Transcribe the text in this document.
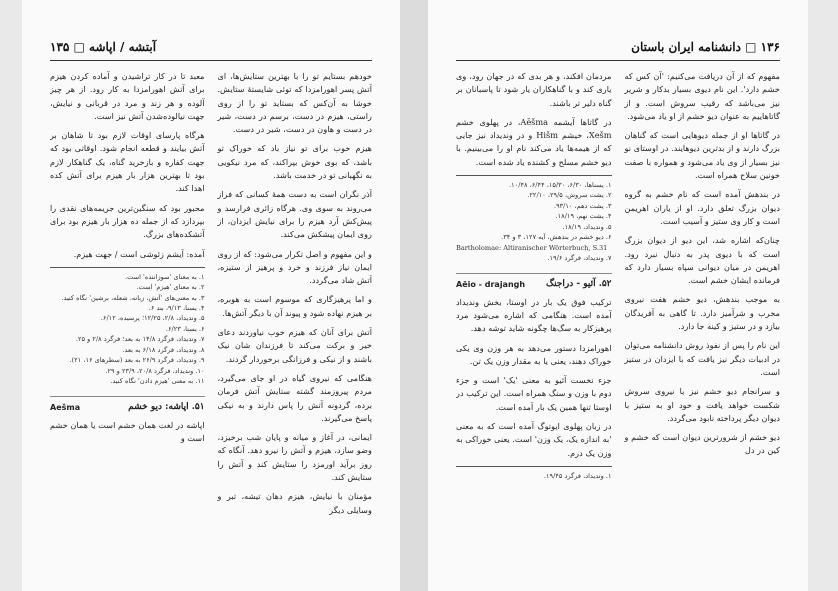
آبتشه / اپاشه □ ۱۳۵

خودهم بستایم تو را با بهترین ستایش‌ها، ای آتش پسر اهورامزدا که توئی شایستهٔ ستایش. خوشا به آن‌کس که بستاید تو را از روی راستی، هیزم در دست، برسم در دست، شیر در دست و هاون در دست، شیر در دست.

هیزم خوب برای تو نیاز باد که خوراک تو باشد، که بوی خوش بپراکند، که مرد نیکویی به نگهبانی تو در خدمت باشد.

آذر نگران است به دست همهٔ کسانی که فراز می‌روند به سوی وی. هرگاه زائری فرارسد و پیش‌کش آرد هیزم را برای نیایش ایزدان، از روی ایمان پیشکش می‌کند.

و این مفهوم و اصل تکرار می‌شود: که از روی ایمان نیاز فرزند و خرد و پرهیز از ستیزه، آتش شاد می‌گردد.

و اما پرهیزگاری که موسوم است به هوبره، بر هیزم نهاده شود و پیوند آن با دیگر آتش‌ها.

آتش برای آنان که هیزم خوب نیاوردند دعای خیر و برکت می‌کند تا فرزندان شان نیک باشند و از نیکی و فرزانگی برخوردار گردند.

هنگامی که نیروی گیاه در او جای می‌گیرد، مردم پیروزمند گشته ستایش آتش فرمان برده، گردونه آتش را پاس دارند و به نیکی پاسخ می‌گیرند.

ایمانی، در آغاز و میانه و پایان شب برخیزد، وضو سازد، هیزم و آتش را نیرو دهد. آنگاه که روز برآید اورمزد را ستایش کند و آتش را ستایش کند.

مؤمنان با نیایش، هیزم دهان تیشه، تبر و وسایلی دیگر

معبد تا در کار تراشیدن و آماده کردن هیزم برای آتش اهورامزدا به کار رود. از هر چیز آلوده و هر زند و مرد در قربانی و نیایش، جهت نیالوده‌شدن آتش نیز است.

هرگاه پارسای اوقات لازم بود تا شاهان بر آتش بیایند و قطعه انجام شود. اوقاتی بود که جهت کفاره و بازخرید گناه، یک گناهکار لازم بود تا بهترین هزار بار هیزم برای آتش کده اهدا کند.

محبور بود که سنگین‌ترین جریمه‌های نقدی را بپردازد که از جمله ده هزار بار هیزم بود برای آتشکده‌های بزرگ.

آمده: آیشم زئوشی است / جهت هیزم.

۱. به معنای 'سوزاننده' است.
۲. به معنای 'هیزم' است.
۳. به معنی‌های 'آتش، زبانه، شعله، برشین' نگاه کنید.
۴. یسنا، ۹/۱۳، بند ۶.
۵. وندیداد، ۲/۸، ۱۲/۲۵؛ پرسیده، ۶/۱۲.
۶. یسنا، ۶/۲۳.
۷. وندیداد، فرگرد ۱۴/۸ به بعد؛ فرگرد ۲/۸ و ۲۵.
۸. وندیداد، فرگرد ۶/۱۸ به بعد.
۹. وندیداد، فرگرد ۲۶/۹ به بعد (سطرهای ۱۶، ۲۱).
۱۰. وندیداد، فرگرد ۲۰/۸، ۲۳/۹ و ۲۹.
۱۱. به معنی 'هیزم دادن' نگاه کنید.
۵۱. اپاشه: دیو خشم
Aešma
اپاشه در لغت همان خشم است یا همان خشم است و
۱۳۶ □ دانشنامه ایران باستان

مفهوم که از آن دریافت می‌کنیم: 'آن کس که خشم دارد'. این نام دیوی بسیار بدکار و شریر نیز می‌باشد که رقیب سروش است. و از گاتاهاییم به عنوان دیو خشم از او یاد می‌شود.

در گاتاها او از جمله دیو‌هایی است که گناهان بزرگ دارند و از بدترین دیوهایند. در اوستای نو نیز بسیار از وی یاد می‌شود و همواره با صفت خونین سلاح همراه است.

در بندهش آمده است که نام خشم به گروه دیوان بزرگ تعلق دارد. او از یاران اهریمن است و کار وی ستیز و آسیب است.

چنان‌که اشاره شد، این دیو از دیوان بزرگ است که با دیوی پدر به دنبال نبرد رود. اهریمن در میان دیوانی سپاه بسیار دارد که فرمانده ایشان خشم است.

به موجب بندهش، دیو خشم هفت نیروی مخرب و شرآمیز دارد. تا گاهی به آفریدگان بیازد و در ستیز و کینه جا دارد.

این نام را پس از نفوذ روش دانشنامه می‌توان در ادبیات دیگر نیز یافت که با ایزدان در ستیز است.

و سرانجام دیو خشم نیز با نیروی سروش شکست خواهد یافت و خود او به ستیز با دیوان دیگر پرداخته نابود می‌گردد.

دیو خشم از شرورترین دیوان است که خشم و کین در دل

مردمان افکند، و هر بدی که در جهان رود، وی یاری کند و با گناهکاران یار شود تا پاسبانان بر گناه دلیر تر باشند.

در گاتاها آیشمه Aēšma، در پهلوی خشم Xešm، خیشم Hišm و در وندیداد نیز جایی که از هیمه‌ها یاد می‌کند نام او را می‌بینیم. با دیو خشم مسلح و کشنده یاد شده است.

۱. یسناها، ۶/۳۰، ۱۵/۳۰، ۶/۴۴، ۱۰/۴۸.
۲. یشت سروش، ۲۹/۵، ۲۲/۱۰.
۳. یشت دهم، ۹۳/۱۰.
۴. یشت نهم، ۱۸/۱۹.
۵. وندیداد، ۱۸/۱۹.
۶. دیو خشم در بندهش، آیه ۱۲۷، ۳ و ۳۴.
Bartholomae: Altiranischer Wörterbuch, S.31
۷. وندیداد، فرگرد ۱۹/۶.
۵۲. آئیو - دراجنگ
Aēio - drajangh

ترکیب فوق یک بار در اوستا، بخش وندیداد آمده است. هنگامی که اشاره می‌شود مرد پرهیزکار به سگ‌ها چگونه شاید توشه دهد.

اهورامزدا دستور می‌دهد به هر وزن وی یکی خوراک دهند، یعنی یا به مقدار وزن یک تن.

جزء نخست آئیو به معنی 'یک' است و جزء دوم با وزن و سنگ همراه است. این ترکیب در اوستا تنها همین یک بار آمده است.

در زبان پهلوی ایوتوگ آمده است که به معنی 'به اندازه یک، یک وزن' است. یعنی خوراکی به وزن یک درم.

۱. وندیداد، فرگرد ۱۹/۴۵.
